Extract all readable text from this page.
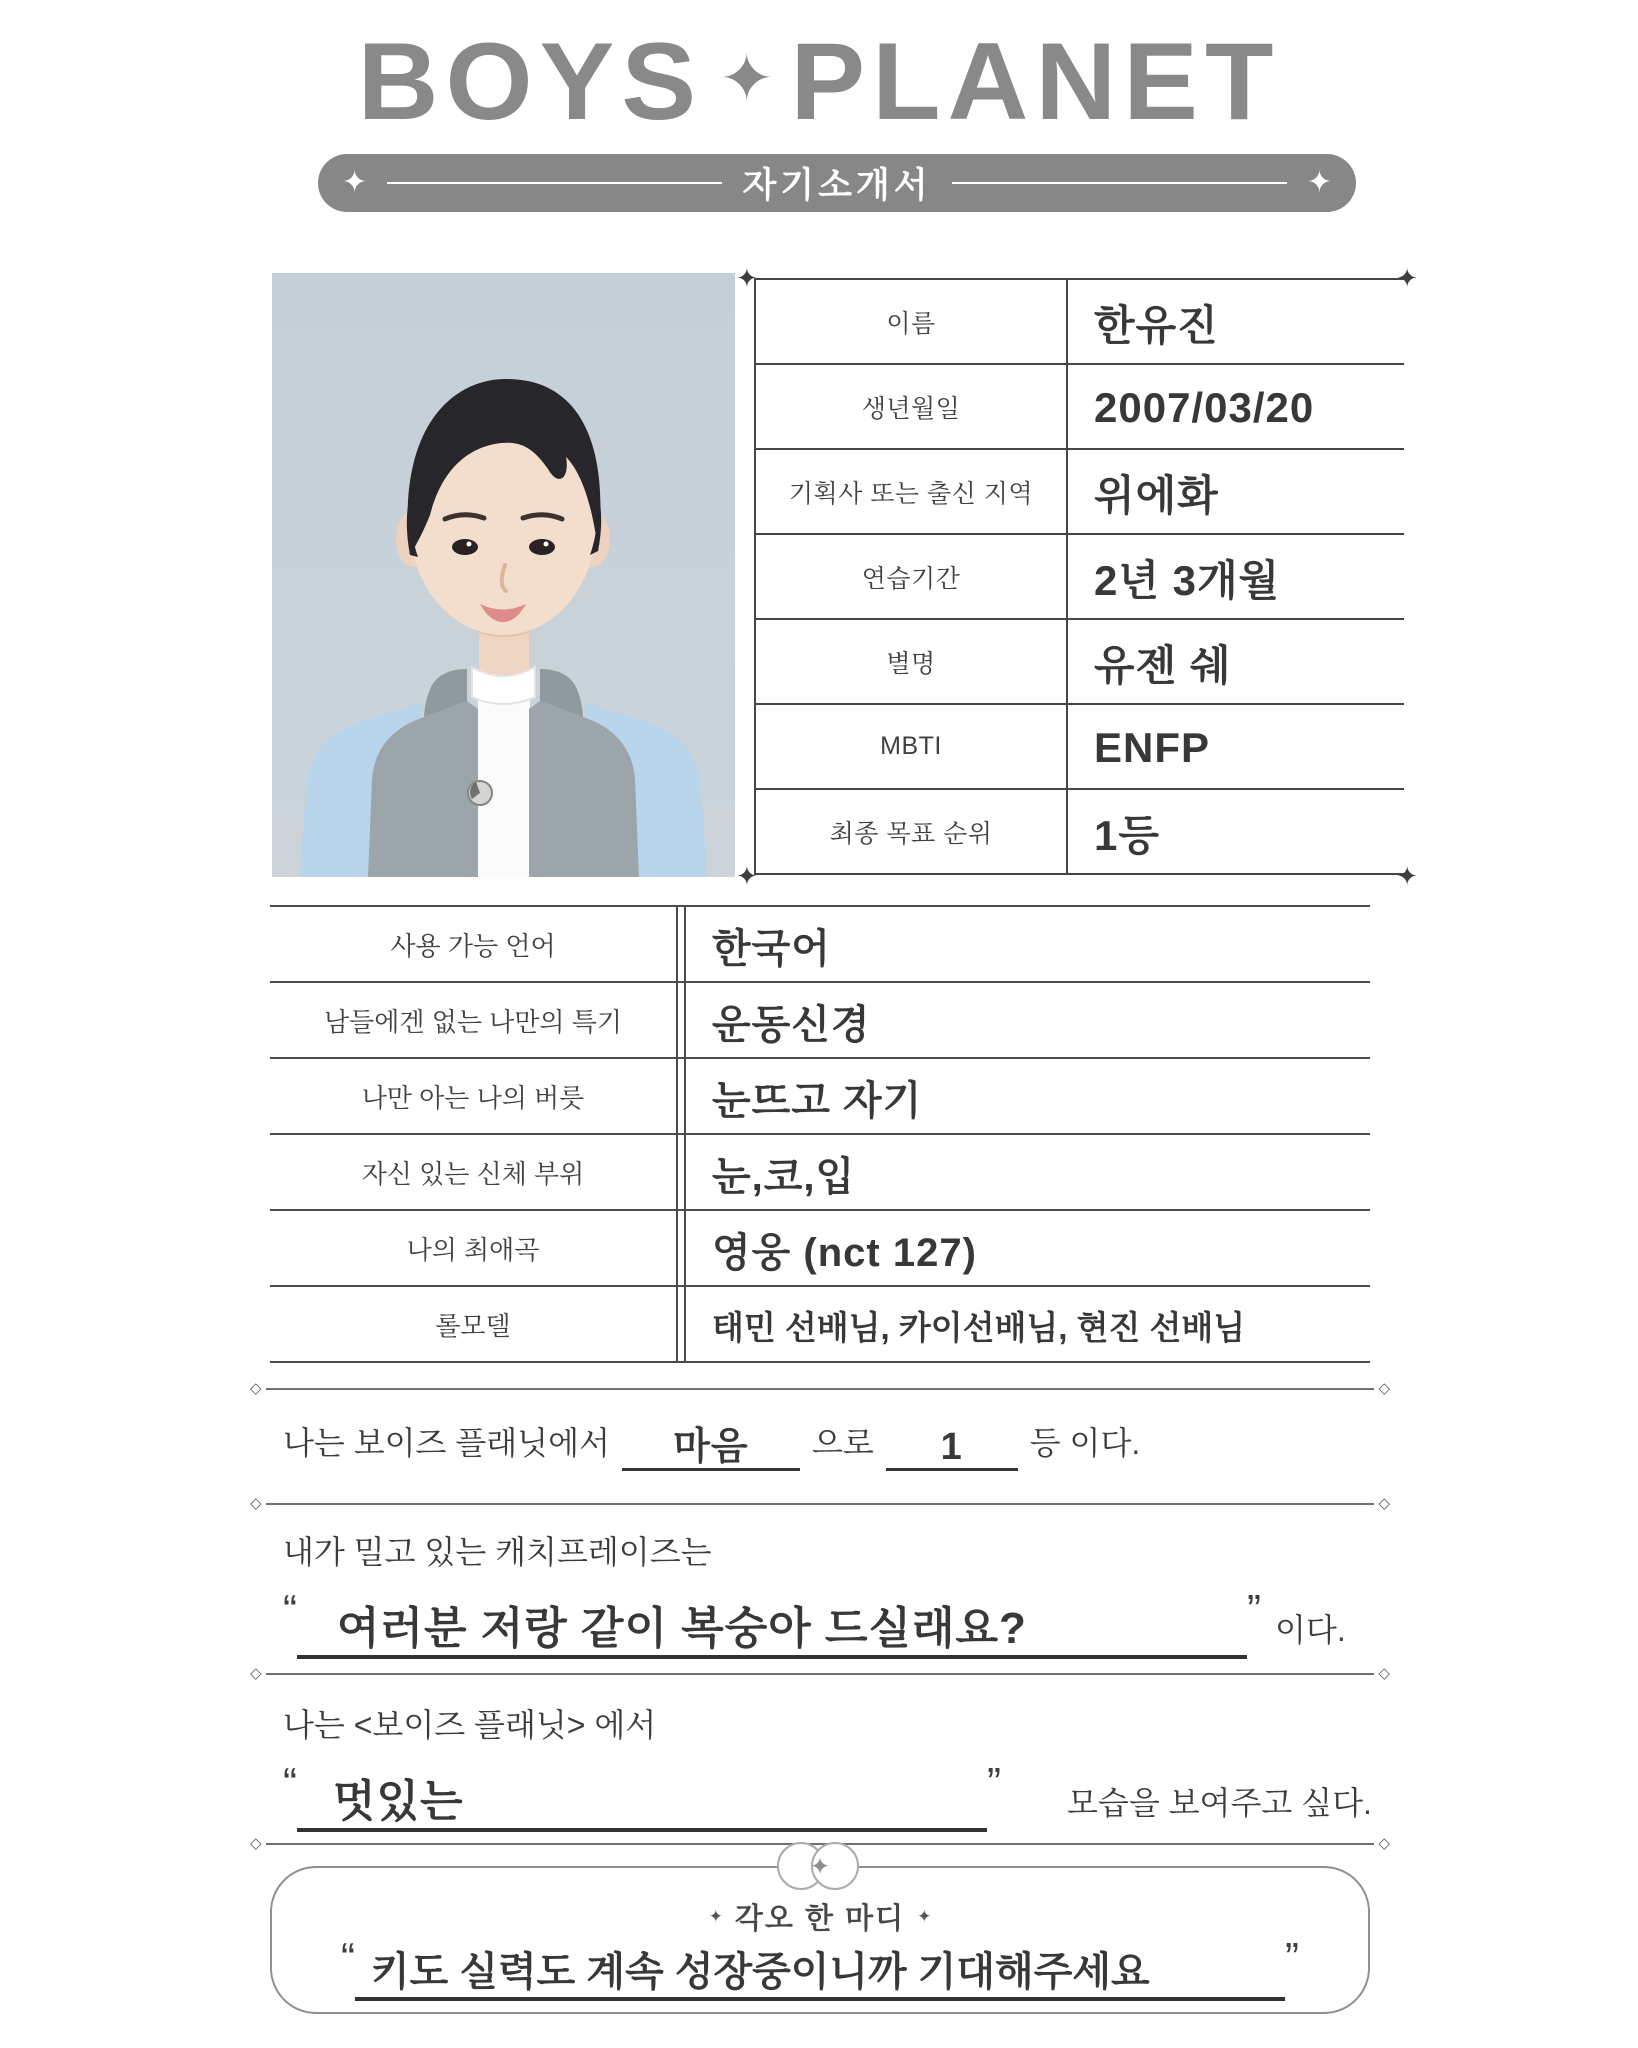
BOYS ✦ PLANET
✦	자기소개서	✦
✦	✦
✦	✦
이름	한유진
생년월일	2007/03/20
기획사 또는 출신 지역	위에화
연습기간	2년 3개월
별명	유젠 쉐
MBTI	ENFP
최종 목표 순위	1등
사용 가능 언어	한국어
남들에겐 없는 나만의 특기	운동신경
나만 아는 나의 버릇	눈뜨고 자기
자신 있는 신체 부위	눈,코,입
나의 최애곡	영웅 (nct 127)
롤모델	태민 선배님, 카이선배님, 현진 선배님
◇	◇
◇	◇
◇	◇
◇	◇
나는 보이즈 플래닛에서	마음	으로	1	등 이다.
내가 밀고 있는 캐치프레이즈는
“ 여러분 저랑 같이 복숭아 드실래요?	” 이다.
나는 <보이즈 플래닛> 에서
“ 멋있는	” 모습을 보여주고 싶다.
✦
✦ 각오 한 마디 ✦
“ 키도 실력도 계속 성장중이니까 기대해주세요	”
